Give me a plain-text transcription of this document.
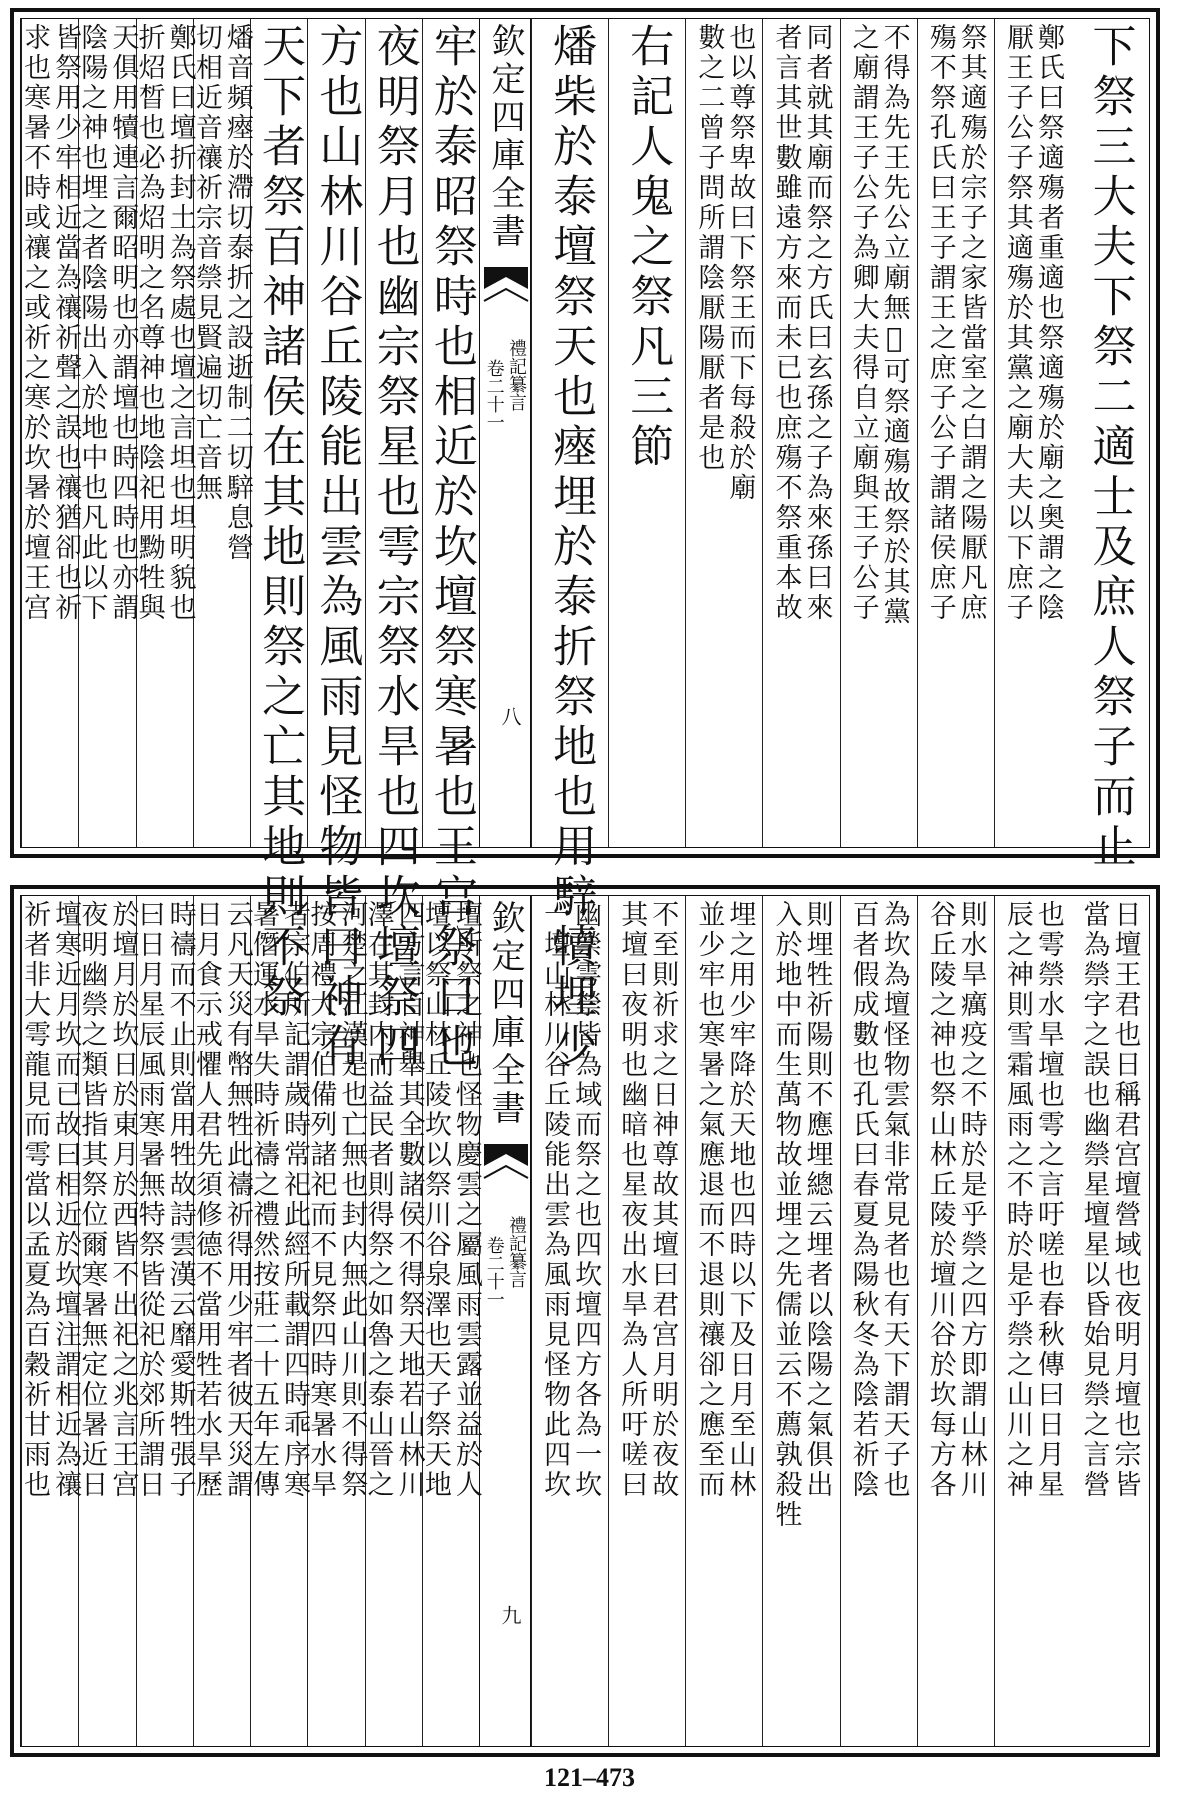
下祭三大夫下祭二適士及庶人祭子而止
鄭氏曰祭適殤者重適也祭適殤於廟之奥謂之陰
厭王子公子祭其適殤於其黨之廟大夫以下庶子
祭其適殤於宗子之家皆當室之白謂之陽厭凡庶
殤不祭孔氏曰王子謂王之庶子公子謂諸侯庶子
不得為先王先公立廟無𠫝可祭適殤故祭於其黨
之廟謂王子公子為卿大夫得自立廟與王子公子
同者就其廟而祭之方氏曰玄孫之子為來孫曰來
者言其世數雖遠方來而未已也庶殤不祭重本故
也以尊祭卑故曰下祭王而下每殺於廟
數之二曾子問所謂陰厭陽厭者是也
右記人鬼之祭凡三節
燔柴於泰壇祭天也瘞埋於泰折祭地也用騂犢埋少
牢於泰昭祭時也相近於坎壇祭寒暑也王宫祭日也
夜明祭月也幽宗祭星也雩宗祭水旱也四坎壇祭四
方也山林川谷丘陵能出雲為風雨見怪物皆曰神有
天下者祭百神諸侯在其地則祭之亡其地則不祭
燔音頻瘞於滯切泰折之設逝制二切騂息營
切相近音禳祈宗音禜見賢遍切亡音無
鄭氏曰壇折封土為祭處也壇之言坦也坦明貌也
折炤晳也必為炤明之名尊神也地陰祀用黝牲與
天俱用犢連言爾昭明也亦謂壇也時四時也亦謂
陰陽之神也埋之者陰陽出入於地中也凡此以下
皆祭用少牢相近當為禳祈聲之誤也禳猶卻也祈
求也寒暑不時或禳之或祈之寒於坎暑於壇王宫	欽定四庫全書
禮記纂言
卷二十一
八
日壇王君也日稱君宫壇營域也夜明月壇也宗皆
當為禜字之誤也幽禜星壇星以昏始見禜之言營
也雩禜水旱壇也雩之言吁嗟也春秋傳曰日月星
辰之神則雪霜風雨之不時於是乎禜之山川之神
則水旱癘疫之不時於是乎禜之四方即謂山林川
谷丘陵之神也祭山林丘陵於壇川谷於坎每方各
為坎為壇怪物雲氣非常見者也有天下謂天子也
百者假成數也孔氏曰春夏為陽秋冬為陰若祈陰
則埋牲祈陽則不應埋總云埋者以陰陽之氣俱出
入於地中而生萬物故並埋之先儒並云不薦孰殺牲
埋之用少牢降於天地也四時以下及日月至山林
並少牢也寒暑之氣應退而不退則禳卻之應至而
不至則祈求之日神尊故其壇曰君宫月明於夜故
其壇曰夜明也幽暗也星夜出水旱為人所吁嗟曰
幽禜雩禜皆為域而祭之也四坎壇四方各為一坎
一壇山林川谷丘陵能出雲為風雨見怪物此四坎
壇所祭之神也怪物慶雲之屬風雨雲露並益於人
壇以祭山林丘陵坎以祭川谷泉澤也天子祭天地
四方言百神舉其全數諸侯不得祭天地若山林川
澤在其封内而益民者則得祭之如魯之泰山晉之
河楚之江漢是也亡無也封内無此山川則不得祭
按周禮大宗伯備列諸祀而不見祭四時寒暑水旱
者宗伯所記謂歲時常祀此經所載謂四時乖序寒
暑僭運水旱失時祈禱之禮然按莊二十五年左傳
云凡天災有幣無牲此禱祈得用少牢者彼天災謂
日月食示戒懼人君先須修德不當用牲若水旱歷
時禱而不止則當用牲故詩雲漢云靡愛斯牲張子
曰日月星辰風雨寒暑無特祭皆從祀於郊所謂日
於壇月於坎日於東月於西皆不出祀之兆言王宫
夜明幽禜之類皆指其祭位爾寒暑無定位暑近日
壇寒近月坎而已故曰相近於坎壇注謂相近為禳
祈者非大雩龍見而雩當以孟夏為百穀祈甘雨也	欽定四庫全書
禮記纂言
卷二十一
九
121–473
